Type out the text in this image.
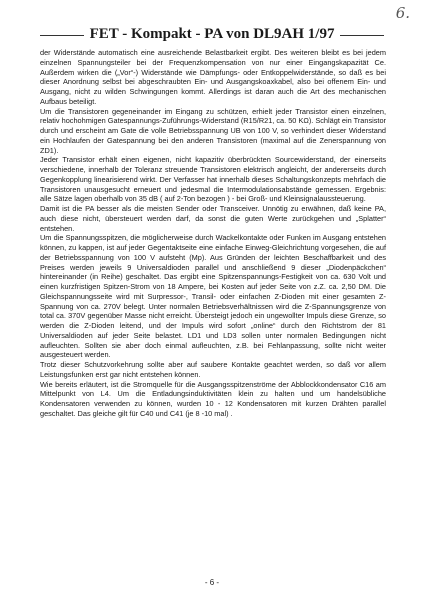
6.
FET - Kompakt - PA von DL9AH 1/97

der Widerstände automatisch eine ausreichende Belastbarkeit ergibt. Des weiteren bleibt es bei jedem einzelnen Spannungsteiler bei der Frequenzkompensation von nur einer Eingangskapazität Ce. Außerdem wirken die („Vor“-) Widerstände wie Dämpfungs- oder Entkoppelwiderstände, so daß es bei dieser Anordnung selbst bei abgeschraubten Ein- und Ausgangskoaxkabel, also bei offenem Ein- und Ausgang, nicht zu wilden Schwingungen kommt. Allerdings ist daran auch die Art des mechanischen Aufbaus beteiligt.

Um die Transistoren gegeneinander im Eingang zu schützen, erhielt jeder Transistor einen einzelnen, relativ hochohmigen Gatespannungs-Zuführungs-Widerstand (R15/R21, ca. 50 KΩ). Schlägt ein Transistor durch und erscheint am Gate die volle Betriebsspannung UB von 100 V, so verhindert dieser Widerstand ein Hochlaufen der Gatespannung bei den anderen Transistoren (maximal auf die Zenerspannung von ZD1).

Jeder Transistor erhält einen eigenen, nicht kapazitiv überbrückten Sourcewiderstand, der einerseits verschiedene, innerhalb der Toleranz streuende Transistoren elektrisch angleicht, der andererseits durch Gegenkopplung linearisierend wirkt. Der Verfasser hat innerhalb dieses Schaltungskonzepts mehrfach die Transistoren unausgesucht erneuert und jedesmal die Intermodulationsabstände gemessen. Ergebnis: alle Sätze lagen oberhalb von 35 dB ( auf 2-Ton bezogen ) - bei Groß- und Kleinsignalaussteuerung.

Damit ist die PA besser als die meisten Sender oder Transceiver. Unnötig zu erwähnen, daß keine PA, auch diese nicht, übersteuert werden darf, da sonst die guten Werte zurückgehen und „Splatter“ entstehen.

Um die Spannungsspitzen, die möglicherweise durch Wackelkontakte oder Funken im Ausgang entstehen können, zu kappen, ist auf jeder Gegentaktseite eine einfache Einweg-Gleichrichtung vorgesehen, die auf der Betriebsspannung von 100 V aufsteht (Mp). Aus Gründen der leichten Beschaffbarkeit und des Preises werden jeweils 9 Universaldioden parallel und anschließend 9 dieser „Diodenpäckchen“ hintereinander (in Reihe) geschaltet. Das ergibt eine Spitzenspannungs-Festigkeit von ca. 630 Volt und einen kurzfristigen Spitzen-Strom von 18 Ampere, bei Kosten auf jeder Seite von z.Z. ca. 2,50 DM. Die Gleichspannungsseite wird mit Surpressor-, Transil- oder einfachen Z-Dioden mit einer gesamten Z-Spannung von ca. 270V belegt. Unter normalen Betriebsverhältnissen wird die Z-Spannungsgrenze von total ca. 370V gegenüber Masse nicht erreicht. Übersteigt jedoch ein ungewollter Impuls diese Grenze, so werden die Z-Dioden leitend, und der Impuls wird sofort „online“ durch den Richtstrom der 81 Universaldioden auf jeder Seite belastet. LD1 und LD3 sollen unter normalen Bedingungen nicht aufleuchten. Sollten sie aber doch einmal aufleuchten, z.B. bei Fehlanpassung, sollte nicht weiter ausgesteuert werden.

Trotz dieser Schutzvorkehrung sollte aber auf saubere Kontakte geachtet werden, so daß vor allem Leistungsfunken erst gar nicht entstehen können.

Wie bereits erläutert, ist die Stromquelle für die Ausgangsspitzenströme der Abblockkondensator C16 am Mittelpunkt von L4. Um die Entladungsinduktivitäten klein zu halten und um handelsübliche Kondensatoren verwenden zu können, wurden 10 - 12 Kondensatoren mit kurzen Drähten parallel geschaltet. Das gleiche gilt für C40 und C41 (je 8 -10 mal) .

- 6 -
